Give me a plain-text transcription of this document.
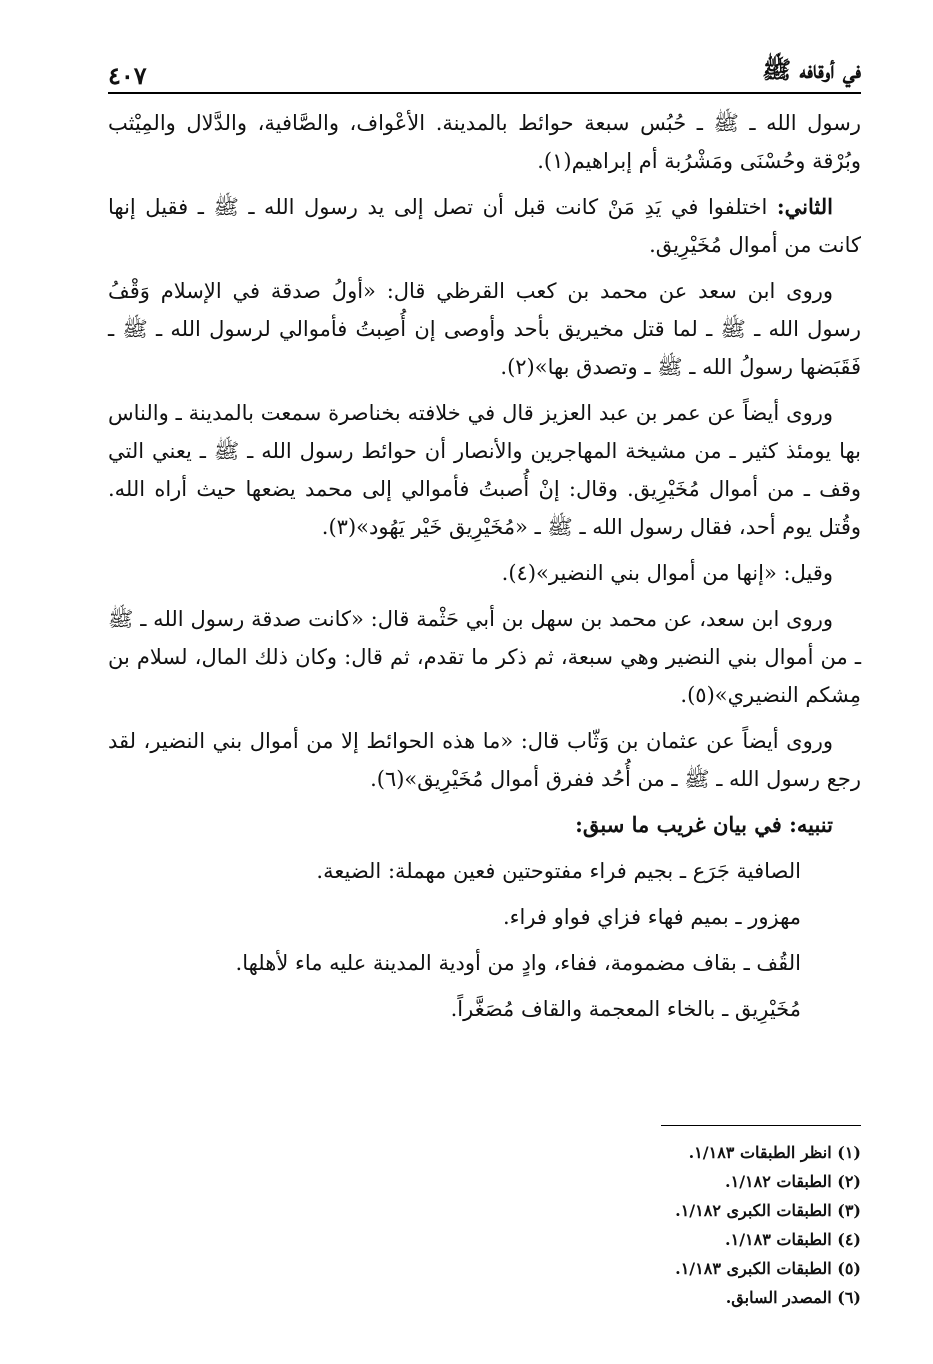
في أوقافه ﷺ
٤٠٧

رسول الله ـ ﷺ ـ حُبُس سبعة حوائط بالمدينة. الأعْواف، والصَّافية، والدَّلال والمِيْثب وبُرْقة وحُسْنَى ومَشْرُبة أم إبراهيم(١).

الثاني: اختلفوا في يَدِ مَنْ كانت قبل أن تصل إلى يد رسول الله ـ ﷺ ـ فقيل إنها كانت من أموال مُخَيْرِيق.

وروى ابن سعد عن محمد بن كعب القرظي قال: «أولُ صدقة في الإسلام وَقْفُ رسول الله ـ ﷺ ـ لما قتل مخيريق بأحد وأوصى إن أُصِبتُ فأموالي لرسول الله ـ ﷺ ـ فَقَبَضها رسولُ الله ـ ﷺ ـ وتصدق بها»(٢).

وروى أيضاً عن عمر بن عبد العزيز قال في خلافته بخناصرة سمعت بالمدينة ـ والناس بها يومئذ كثير ـ من مشيخة المهاجرين والأنصار أن حوائط رسول الله ـ ﷺ ـ يعني التي وقف ـ من أموال مُخَيْرِيق. وقال: إنْ أُصبتُ فأموالي إلى محمد يضعها حيث أراه الله. وقُتل يوم أحد، فقال رسول الله ـ ﷺ ـ «مُخَيْرِيق خَيْر يَهُود»(٣).

وقيل: «إنها من أموال بني النضير»(٤).

وروى ابن سعد، عن محمد بن سهل بن أبي حَثْمة قال: «كانت صدقة رسول الله ـ ﷺ ـ من أموال بني النضير وهي سبعة، ثم ذكر ما تقدم، ثم قال: وكان ذلك المال، لسلام بن مِشكم النضيري»(٥).

وروى أيضاً عن عثمان بن وَثّاب قال: «ما هذه الحوائط إلا من أموال بني النضير، لقد رجع رسول الله ـ ﷺ ـ من أُحُد ففرق أموال مُخَيْرِيق»(٦).

تنبيه: في بيان غريب ما سبق:

الصافية جَرَع ـ بجيم فراء مفتوحتين فعين مهملة: الضيعة.

مهزور ـ بميم فهاء فزاي فواو فراء.

القُف ـ بقاف مضمومة، ففاء، وادٍ من أودية المدينة عليه ماء لأهلها.

مُخَيْرِيق ـ بالخاء المعجمة والقاف مُصَغَّراً.

(١) انظر الطبقات ١/١٨٣.
(٢) الطبقات ١/١٨٢.
(٣) الطبقات الكبرى ١/١٨٢.
(٤) الطبقات ١/١٨٣.
(٥) الطبقات الكبرى ١/١٨٣.
(٦) المصدر السابق.
